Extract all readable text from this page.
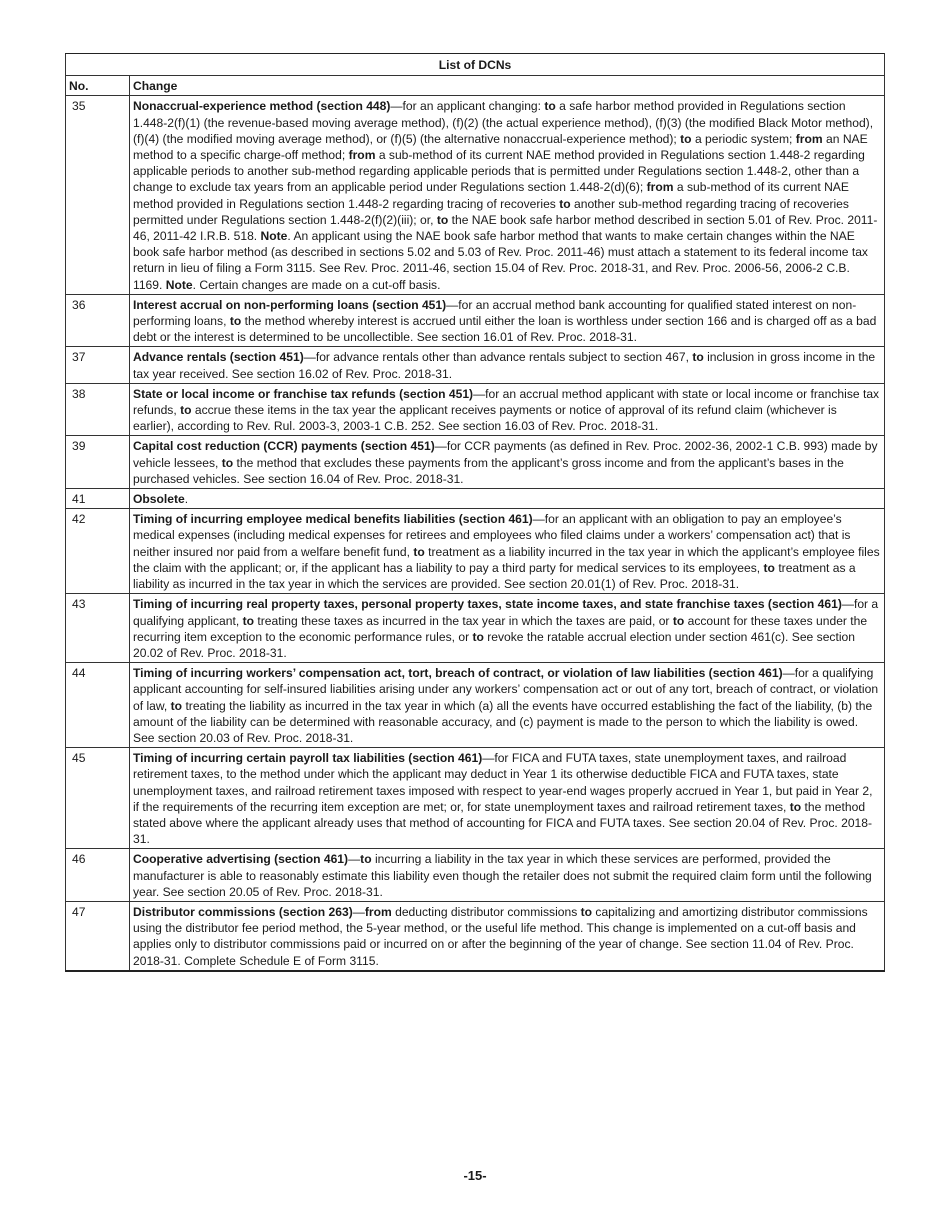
List of DCNs	
No.	Change
35	Nonaccrual-experience method (section 448)—for an applicant changing: to a safe harbor method provided in Regulations section 1.448-2(f)(1) (the revenue-based moving average method), (f)(2) (the actual experience method), (f)(3) (the modified Black Motor method), (f)(4) (the modified moving average method), or (f)(5) (the alternative nonaccrual-experience method); to a periodic system; from an NAE method to a specific charge-off method; from a sub-method of its current NAE method provided in Regulations section 1.448-2 regarding applicable periods to another sub-method regarding applicable periods that is permitted under Regulations section 1.448-2, other than a change to exclude tax years from an applicable period under Regulations section 1.448-2(d)(6); from a sub-method of its current NAE method provided in Regulations section 1.448-2 regarding tracing of recoveries to another sub-method regarding tracing of recoveries permitted under Regulations section 1.448-2(f)(2)(iii); or, to the NAE book safe harbor method described in section 5.01 of Rev. Proc. 2011-46, 2011-42 I.R.B. 518. Note. An applicant using the NAE book safe harbor method that wants to make certain changes within the NAE book safe harbor method (as described in sections 5.02 and 5.03 of Rev. Proc. 2011-46) must attach a statement to its federal income tax return in lieu of filing a Form 3115. See Rev. Proc. 2011-46, section 15.04 of Rev. Proc. 2018-31, and Rev. Proc. 2006-56, 2006-2 C.B. 1169. Note. Certain changes are made on a cut-off basis.
36	Interest accrual on non-performing loans (section 451)—for an accrual method bank accounting for qualified stated interest on non-performing loans, to the method whereby interest is accrued until either the loan is worthless under section 166 and is charged off as a bad debt or the interest is determined to be uncollectible. See section 16.01 of Rev. Proc. 2018-31.
37	Advance rentals (section 451)—for advance rentals other than advance rentals subject to section 467, to inclusion in gross income in the tax year received. See section 16.02 of Rev. Proc. 2018-31.
38	State or local income or franchise tax refunds (section 451)—for an accrual method applicant with state or local income or franchise tax refunds, to accrue these items in the tax year the applicant receives payments or notice of approval of its refund claim (whichever is earlier), according to Rev. Rul. 2003-3, 2003-1 C.B. 252. See section 16.03 of Rev. Proc. 2018-31.
39	Capital cost reduction (CCR) payments (section 451)—for CCR payments (as defined in Rev. Proc. 2002-36, 2002-1 C.B. 993) made by vehicle lessees, to the method that excludes these payments from the applicant’s gross income and from the applicant’s bases in the purchased vehicles. See section 16.04 of Rev. Proc. 2018-31.
41	Obsolete.
42	Timing of incurring employee medical benefits liabilities (section 461)—for an applicant with an obligation to pay an employee’s medical expenses (including medical expenses for retirees and employees who filed claims under a workers’ compensation act) that is neither insured nor paid from a welfare benefit fund, to treatment as a liability incurred in the tax year in which the applicant’s employee files the claim with the applicant; or, if the applicant has a liability to pay a third party for medical services to its employees, to treatment as a liability as incurred in the tax year in which the services are provided. See section 20.01(1) of Rev. Proc. 2018-31.
43	Timing of incurring real property taxes, personal property taxes, state income taxes, and state franchise taxes (section 461)—for a qualifying applicant, to treating these taxes as incurred in the tax year in which the taxes are paid, or to account for these taxes under the recurring item exception to the economic performance rules, or to revoke the ratable accrual election under section 461(c). See section 20.02 of Rev. Proc. 2018-31.
44	Timing of incurring workers’ compensation act, tort, breach of contract, or violation of law liabilities (section 461)—for a qualifying applicant accounting for self-insured liabilities arising under any workers’ compensation act or out of any tort, breach of contract, or violation of law, to treating the liability as incurred in the tax year in which (a) all the events have occurred establishing the fact of the liability, (b) the amount of the liability can be determined with reasonable accuracy, and (c) payment is made to the person to which the liability is owed. See section 20.03 of Rev. Proc. 2018-31.
45	Timing of incurring certain payroll tax liabilities (section 461)—for FICA and FUTA taxes, state unemployment taxes, and railroad retirement taxes, to the method under which the applicant may deduct in Year 1 its otherwise deductible FICA and FUTA taxes, state unemployment taxes, and railroad retirement taxes imposed with respect to year-end wages properly accrued in Year 1, but paid in Year 2, if the requirements of the recurring item exception are met; or, for state unemployment taxes and railroad retirement taxes, to the method stated above where the applicant already uses that method of accounting for FICA and FUTA taxes. See section 20.04 of Rev. Proc. 2018-31.
46	Cooperative advertising (section 461)—to incurring a liability in the tax year in which these services are performed, provided the manufacturer is able to reasonably estimate this liability even though the retailer does not submit the required claim form until the following year. See section 20.05 of Rev. Proc. 2018-31.
47	Distributor commissions (section 263)—from deducting distributor commissions to capitalizing and amortizing distributor commissions using the distributor fee period method, the 5-year method, or the useful life method. This change is implemented on a cut-off basis and applies only to distributor commissions paid or incurred on or after the beginning of the year of change. See section 11.04 of Rev. Proc. 2018-31. Complete Schedule E of Form 3115.
-15-
